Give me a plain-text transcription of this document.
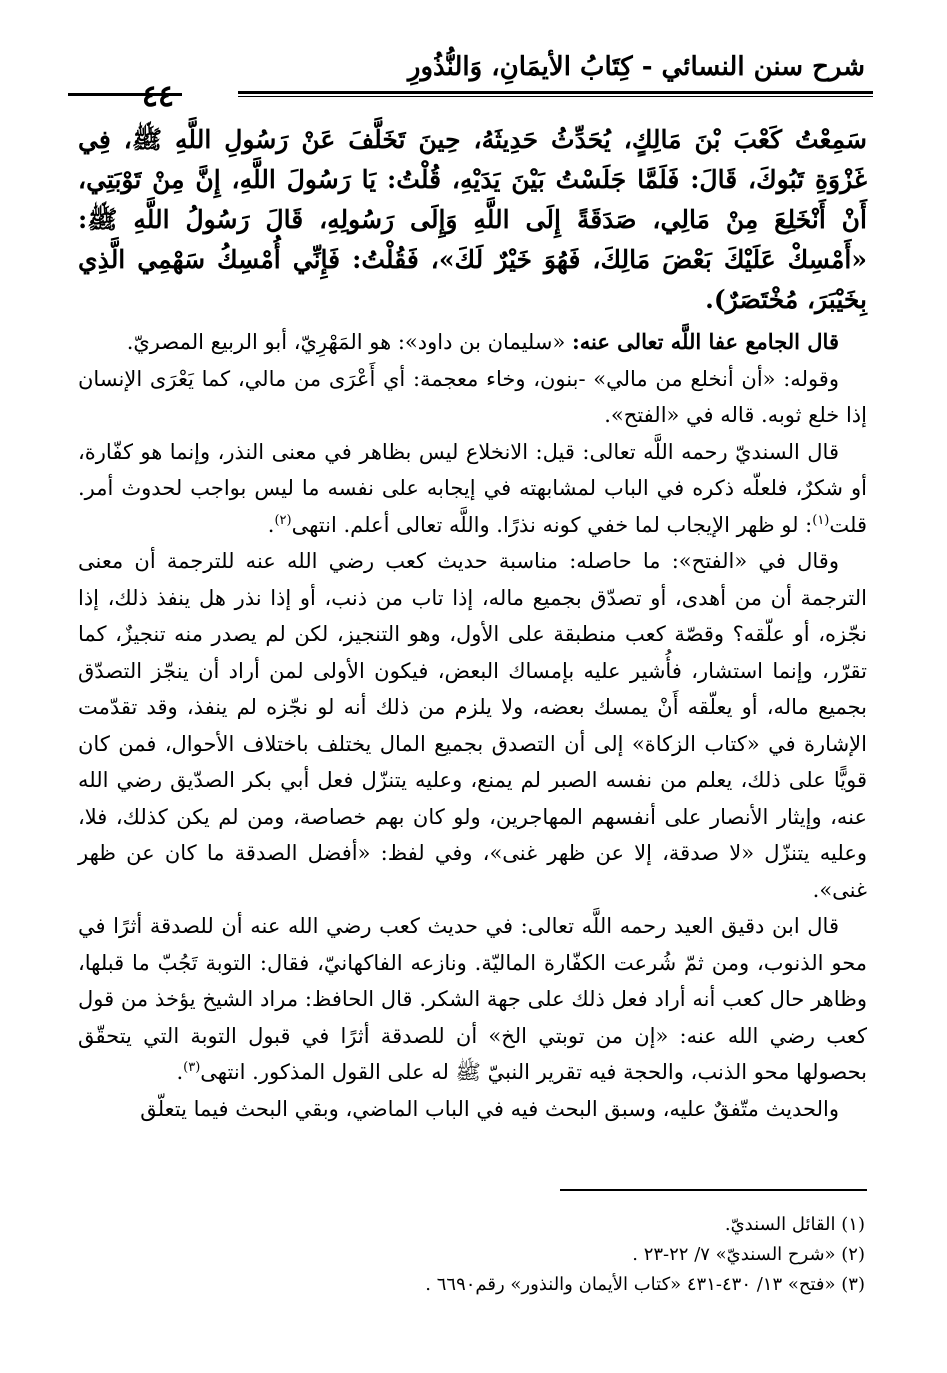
شرح سنن النسائي - كِتَابُ الأيمَانِ، وَالنُّذُورِ
٤٤

سَمِعْتُ كَعْبَ بْنَ مَالِكٍ، يُحَدِّثُ حَدِيثَهُ، حِينَ تَخَلَّفَ عَنْ رَسُولِ اللَّهِ ﷺ، فِي غَزْوَةِ تَبُوكَ، قَالَ: فَلَمَّا جَلَسْتُ بَيْنَ يَدَيْهِ، قُلْتُ: يَا رَسُولَ اللَّهِ، إِنَّ مِنْ تَوْبَتِي، أَنْ أَنْخَلِعَ مِنْ مَالِي، صَدَقَةً إِلَى اللَّهِ وَإِلَى رَسُولِهِ، قَالَ رَسُولُ اللَّهِ ﷺ: «أَمْسِكْ عَلَيْكَ بَعْضَ مَالِكَ، فَهُوَ خَيْرٌ لَكَ»، فَقُلْتُ: فَإِنِّي أُمْسِكُ سَهْمِي الَّذِي بِخَيْبَرَ، مُخْتَصَرٌ).

قال الجامع عفا اللَّه تعالى عنه: «سليمان بن داود»: هو المَهْرِيّ، أبو الربيع المصريّ.

وقوله: «أن أنخلع من مالي» -بنون، وخاء معجمة: أي أَعْرَى من مالي، كما يَعْرَى الإنسان إذا خلع ثوبه. قاله في «الفتح».

قال السنديّ رحمه اللَّه تعالى: قيل: الانخلاع ليس بظاهر في معنى النذر، وإنما هو كفّارة، أو شكرٌ، فلعلّه ذكره في الباب لمشابهته في إيجابه على نفسه ما ليس بواجب لحدوث أمر. قلت$^{(١)}$: لو ظهر الإيجاب لما خفي كونه نذرًا. واللَّه تعالى أعلم. انتهى$^{(٢)}$.

وقال في «الفتح»: ما حاصله: مناسبة حديث كعب رضي الله عنه للترجمة أن معنى الترجمة أن من أهدى، أو تصدّق بجميع ماله، إذا تاب من ذنب، أو إذا نذر هل ينفذ ذلك، إذا نجّزه، أو علّقه؟ وقصّة كعب منطبقة على الأول، وهو التنجيز، لكن لم يصدر منه تنجيزٌ، كما تقرّر، وإنما استشار، فأُشير عليه بإمساك البعض، فيكون الأولى لمن أراد أن ينجّز التصدّق بجميع ماله، أو يعلّقه أَنْ يمسك بعضه، ولا يلزم من ذلك أنه لو نجّزه لم ينفذ، وقد تقدّمت الإشارة في «كتاب الزكاة» إلى أن التصدق بجميع المال يختلف باختلاف الأحوال، فمن كان قويًّا على ذلك، يعلم من نفسه الصبر لم يمنع، وعليه يتنزّل فعل أبي بكر الصدّيق رضي الله عنه، وإيثار الأنصار على أنفسهم المهاجرين، ولو كان بهم خصاصة، ومن لم يكن كذلك، فلا، وعليه يتنزّل «لا صدقة، إلا عن ظهر غنى»، وفي لفظ: «أفضل الصدقة ما كان عن ظهر غنى».

قال ابن دقيق العيد رحمه اللَّه تعالى: في حديث كعب رضي الله عنه أن للصدقة أثرًا في محو الذنوب، ومن ثمّ شُرعت الكفّارة الماليّة. ونازعه الفاكهانيّ، فقال: التوبة تَجُبّ ما قبلها، وظاهر حال كعب أنه أراد فعل ذلك على جهة الشكر. قال الحافظ: مراد الشيخ يؤخذ من قول كعب رضي الله عنه: «إن من توبتي الخ» أن للصدقة أثرًا في قبول التوبة التي يتحقّق بحصولها محو الذنب، والحجة فيه تقرير النبيّ ﷺ له على القول المذكور. انتهى$^{(٣)}$.

والحديث متّفقٌ عليه، وسبق البحث فيه في الباب الماضي، وبقي البحث فيما يتعلّق

(١) القائل السنديّ.
(٢) «شرح السنديّ» ٧/ ٢٢-٢٣ .
(٣) «فتح» ١٣/ ٤٣٠-٤٣١ «كتاب الأيمان والنذور» رقم٦٦٩٠ .
